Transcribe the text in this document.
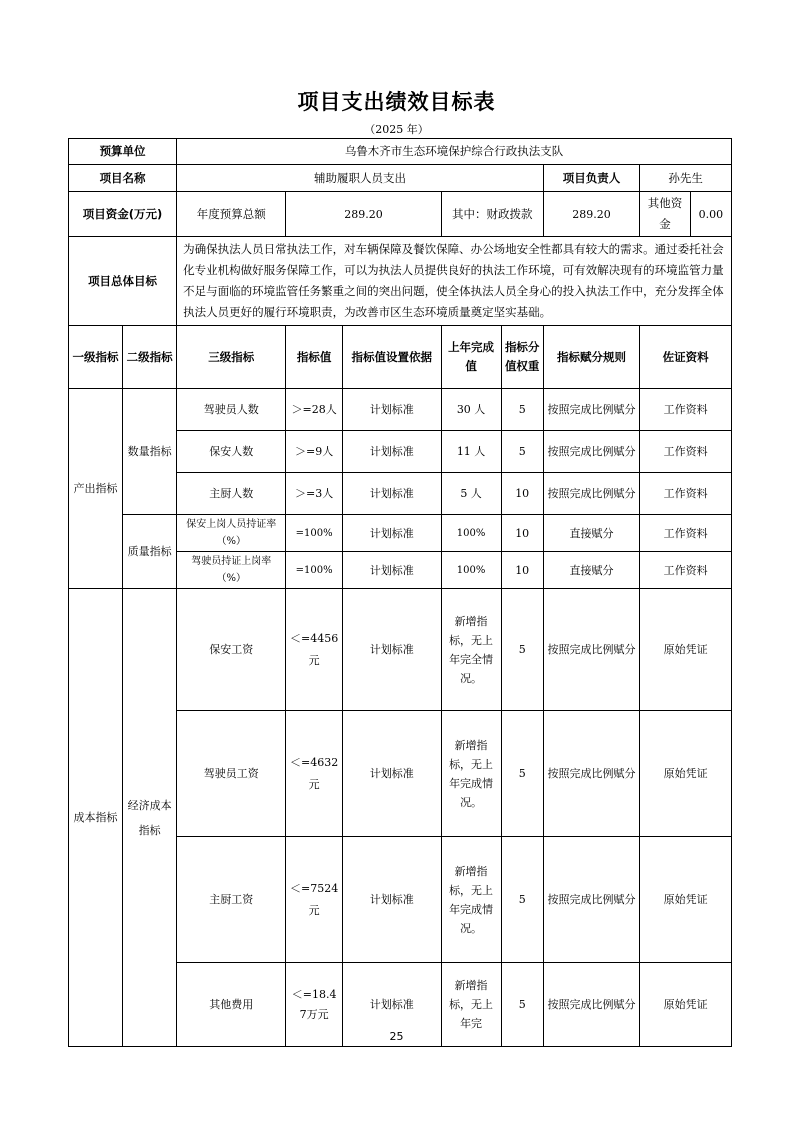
项目支出绩效目标表
（2025 年）
预算单位		乌鲁木齐市生态环境保护综合行政执法支队							
项目名称		辅助履职人员支出					项目负责人	孙先生	
项目资金(万元)		年度预算总额	289.20		其中：财政拨款		289.20	其他资金	0.00
项目总体目标		为确保执法人员日常执法工作，对车辆保障及餐饮保障、办公场地安全性都具有较大的需求。通过委托社会化专业机构做好服务保障工作，可以为执法人员提供良好的执法工作环境，可有效解决现有的环境监管力量不足与面临的环境监管任务繁重之间的突出问题，使全体执法人员全身心的投入执法工作中，充分发挥全体执法人员更好的履行环境职责，为改善市区生态环境质量奠定坚实基础。							
一级指标	二级指标	三级指标	指标值	指标值设置依据	上年完成值	指标分值权重	指标赋分规则	佐证资料	
产出指标	数量指标	驾驶员人数	＞=28人	计划标准	30 人	5	按照完成比例赋分	工作资料	
		保安人数	＞=9人	计划标准	11 人	5	按照完成比例赋分	工作资料	
		主厨人数	＞=3人	计划标准	5 人	10	按照完成比例赋分	工作资料	
	质量指标	保安上岗人员持证率（%）	=100%	计划标准	100%	10	直接赋分	工作资料	
		驾驶员持证上岗率（%）	=100%	计划标准	100%	10	直接赋分	工作资料	
成本指标	经济成本指标	保安工资	＜=4456元	计划标准	新增指标，无上年完全情况。	5	按照完成比例赋分	原始凭证	
		驾驶员工资	＜=4632元	计划标准	新增指标，无上年完成情况。	5	按照完成比例赋分	原始凭证	
		主厨工资	＜=7524元	计划标准	新增指标，无上年完成情况。	5	按照完成比例赋分	原始凭证	
		其他费用	＜=18.47万元	计划标准	新增指标，无上年完	5	按照完成比例赋分	原始凭证	
25
